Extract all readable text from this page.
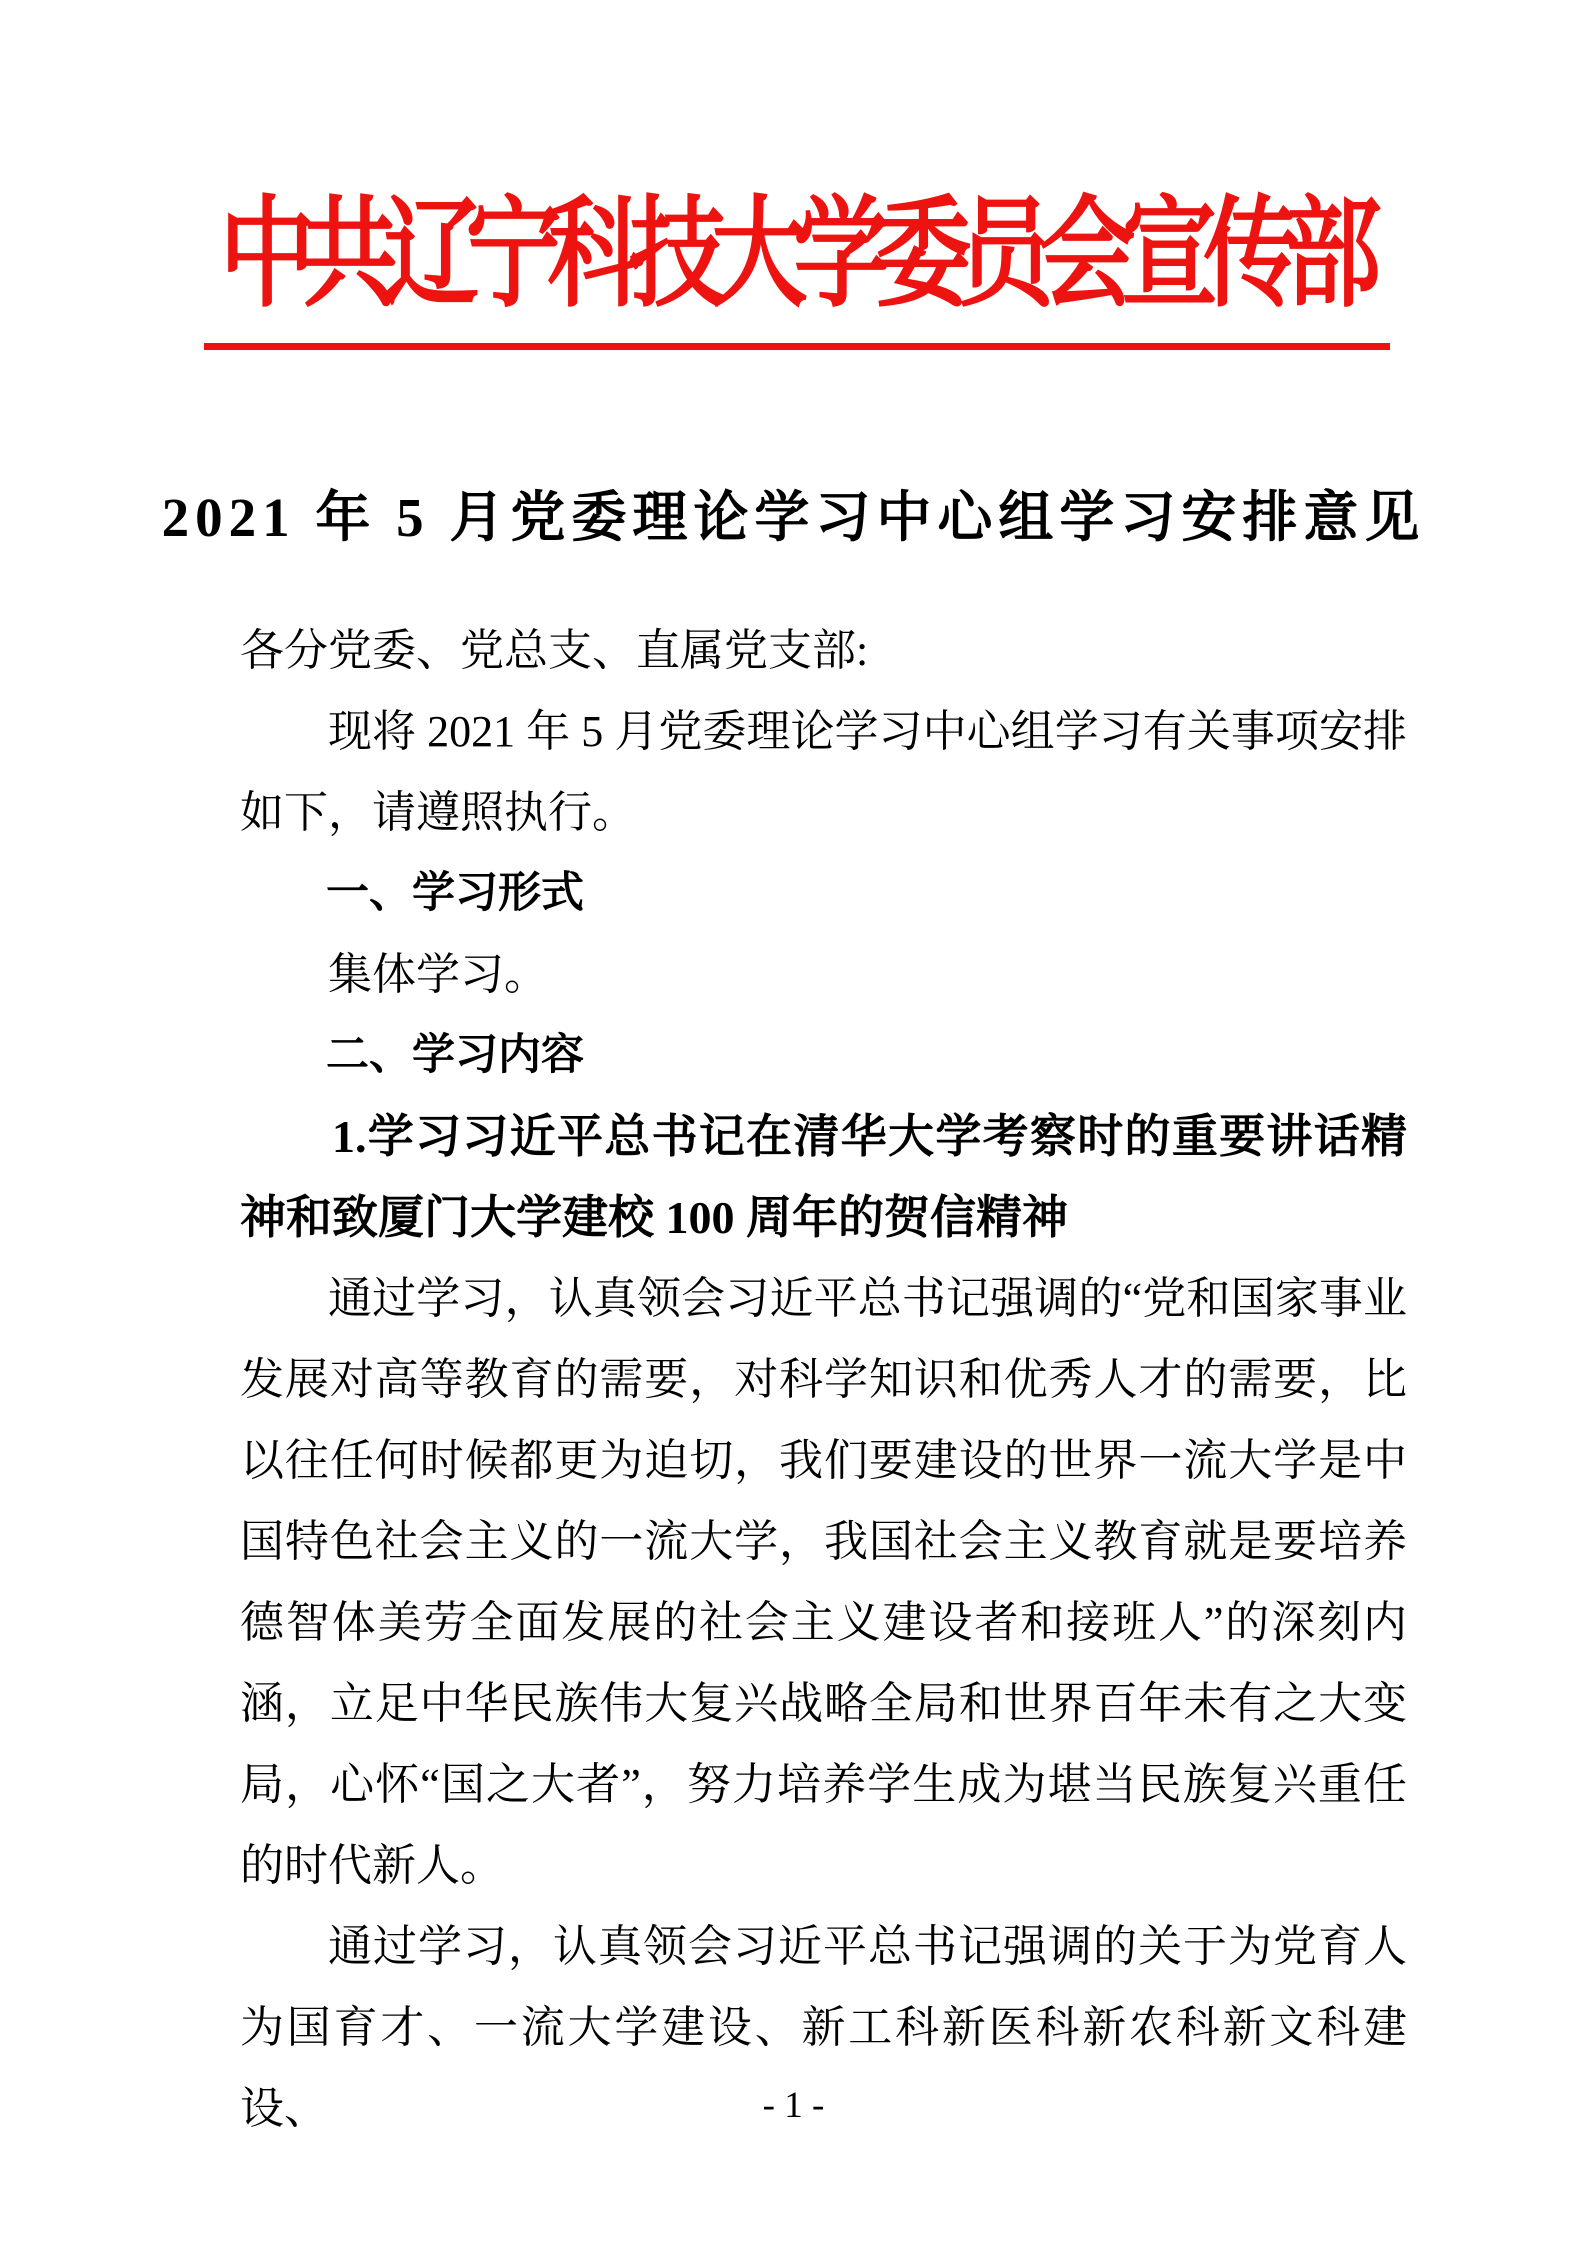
中共辽宁科技大学委员会宣传部
2021 年 5 月党委理论学习中心组学习安排意见

各分党委、党总支、直属党支部:

现将 2021 年 5 月党委理论学习中心组学习有关事项安排如下，请遵照执行。

一、学习形式

集体学习。

二、学习内容

1.学习习近平总书记在清华大学考察时的重要讲话精神和致厦门大学建校 100 周年的贺信精神

通过学习，认真领会习近平总书记强调的“党和国家事业发展对高等教育的需要，对科学知识和优秀人才的需要，比以往任何时候都更为迫切，我们要建设的世界一流大学是中国特色社会主义的一流大学，我国社会主义教育就是要培养德智体美劳全面发展的社会主义建设者和接班人”的深刻内涵，立足中华民族伟大复兴战略全局和世界百年未有之大变局，心怀“国之大者”，努力培养学生成为堪当民族复兴重任的时代新人。

通过学习，认真领会习近平总书记强调的关于为党育人为国育才、一流大学建设、新工科新医科新农科新文科建设、	- 1 -
